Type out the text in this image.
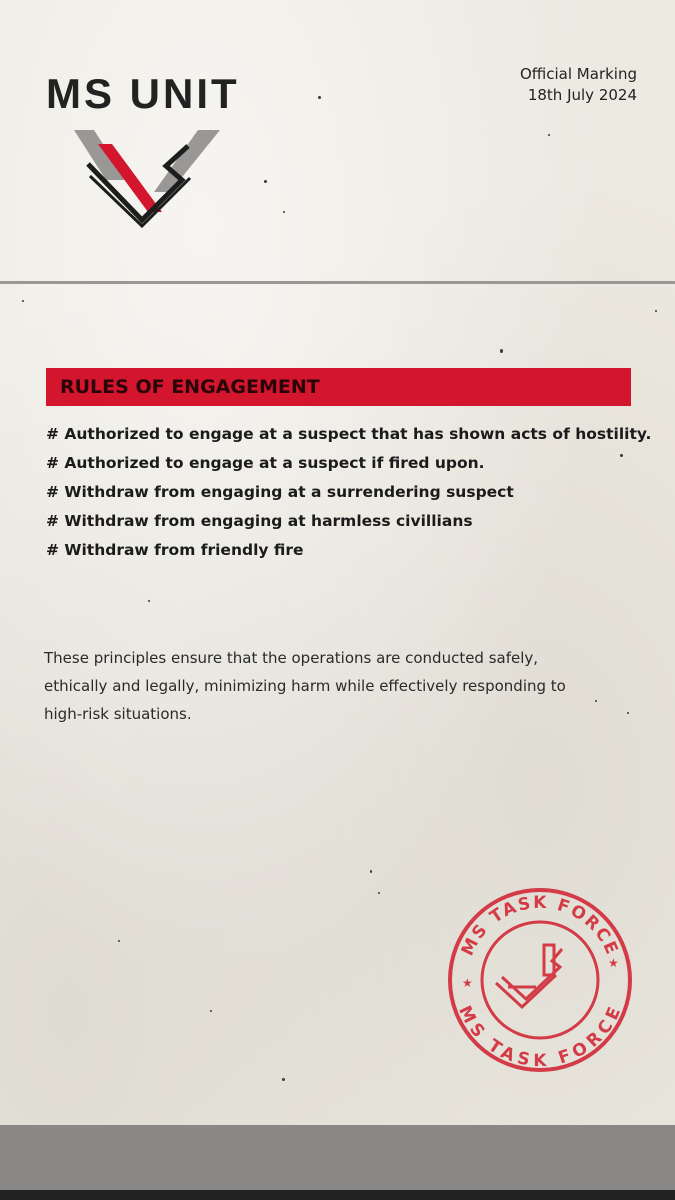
MS UNIT	Official Marking
18th July 2024
RULES OF ENGAGEMENT
# Authorized to engage at a suspect that has shown acts of hostility.
# Authorized to engage at a suspect if fired upon.
# Withdraw from engaging at a surrendering suspect
# Withdraw from engaging at harmless civillians
# Withdraw from friendly fire

These principles ensure that the operations are conducted safely, ethically and legally, minimizing harm while effectively responding to high-risk situations.

MS TASK FORCE
MS TASK FORCE
★
★
